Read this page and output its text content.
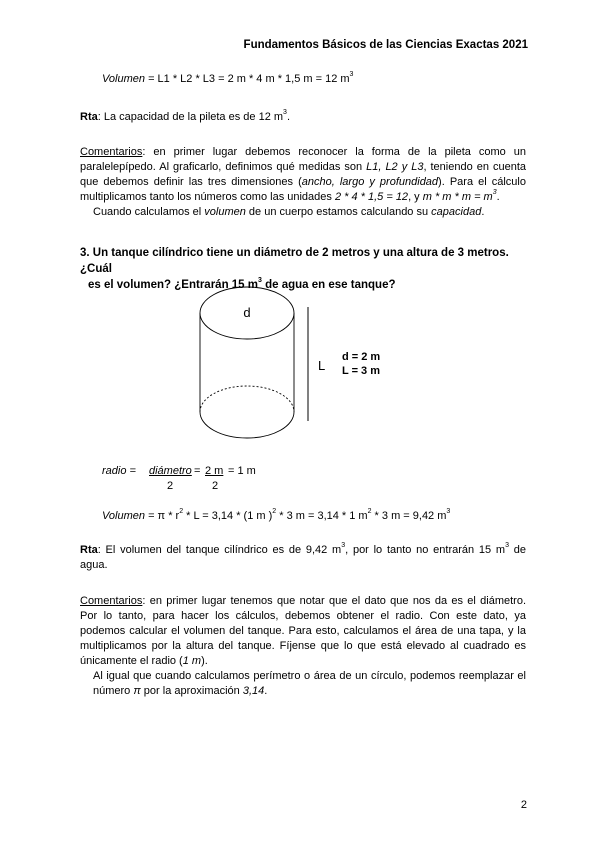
Fundamentos Básicos de las Ciencias Exactas 2021
Volumen = L1 * L2 * L3 = 2 m * 4 m * 1,5 m = 12 $m^3$
Rta: La capacidad de la pileta es de 12 $m^3$.
Comentarios: en primer lugar debemos reconocer la forma de la pileta como un paralelepípedo. Al graficarlo, definimos qué medidas son L1, L2 y L3, teniendo en cuenta que debemos definir las tres dimensiones (ancho, largo y profundidad). Para el cálculo multiplicamos tanto los números como las unidades 2 * 4 * 1,5 = 12, y $m * m * m = m^3$.
Cuando calculamos el volumen de un cuerpo estamos calculando su capacidad.
3. Un tanque cilíndrico tiene un diámetro de 2 metros y una altura de 3 metros. ¿Cuál
es el volumen? ¿Entrarán 15 $m^3$ de agua en ese tanque?
d
L
d = 2 m
L = 3 m
radio = diámetro = 2 m = 1 m
2	2
Volumen = $\pi * r^2 * L = 3,14 * (1$ m )$^2$ * 3 m = 3,14 * 1 $m^2 * 3$ m = 9,42 $m^3$
Rta: El volumen del tanque cilíndrico es de 9,42 $m^3$, por lo tanto no entrarán 15 $m^3$ de agua.
Comentarios: en primer lugar tenemos que notar que el dato que nos da es el diámetro. Por lo tanto, para hacer los cálculos, debemos obtener el radio. Con este dato, ya podemos calcular el volumen del tanque. Para esto, calculamos el área de una tapa, y la multiplicamos por la altura del tanque. Fíjense que lo que está elevado al cuadrado es únicamente el radio (1 m).
Al igual que cuando calculamos perímetro o área de un círculo, podemos reemplazar el número π por la aproximación 3,14.
2
